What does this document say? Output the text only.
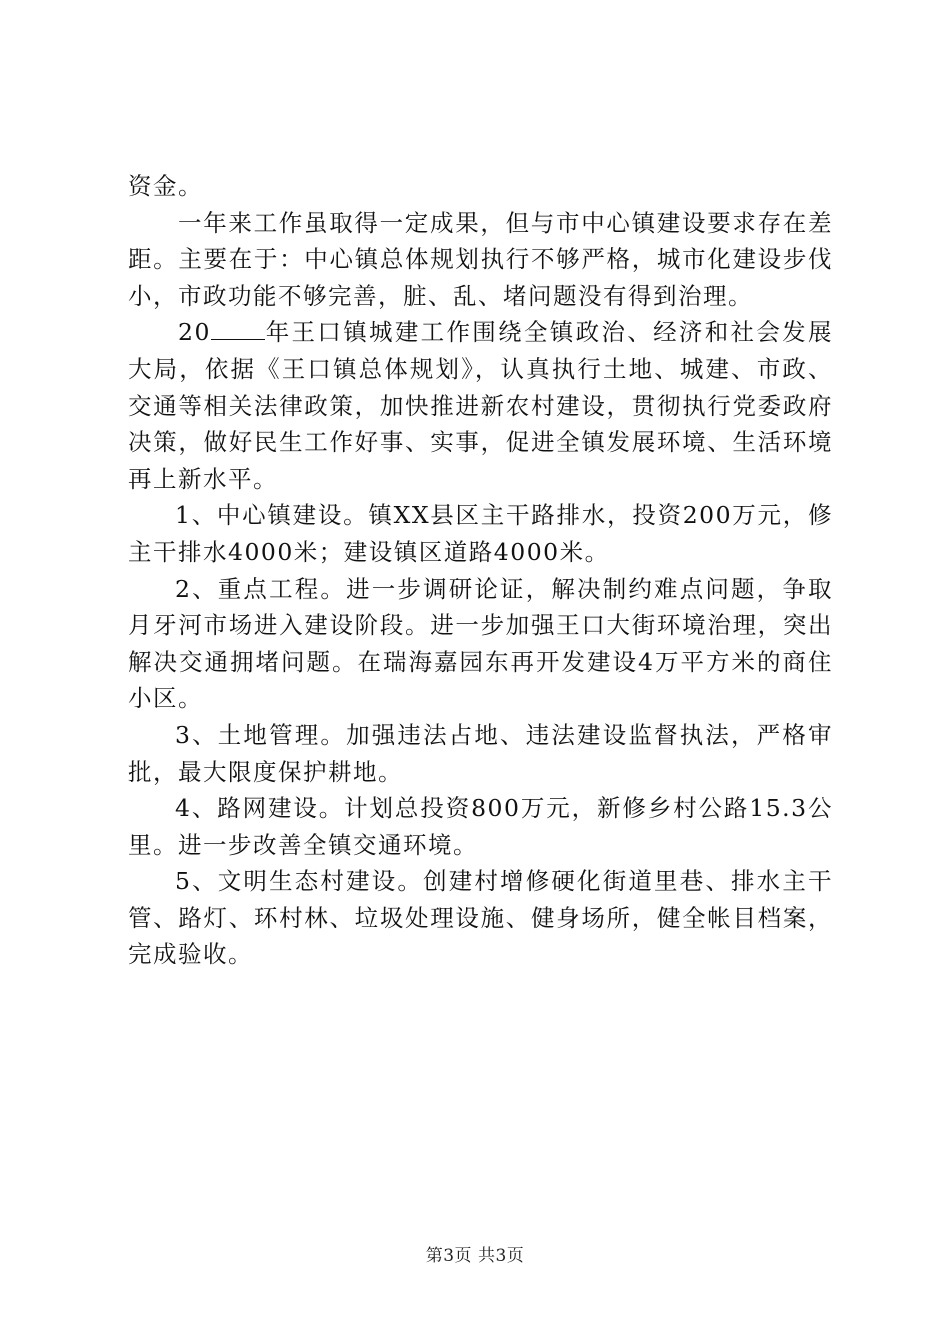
资金。

一年来工作虽取得一定成果，但与市中心镇建设要求存在差距。主要在于：中心镇总体规划执行不够严格，城市化建设步伐小，市政功能不够完善，脏、乱、堵问题没有得到治理。

20 年王口镇城建工作围绕全镇政治、经济和社会发展大局，依据《王口镇总体规划》，认真执行土地、城建、市政、交通等相关法律政策，加快推进新农村建设，贯彻执行党委政府决策，做好民生工作好事、实事，促进全镇发展环境、生活环境再上新水平。

1、中心镇建设。镇XX县区主干路排水，投资200万元，修主干排水4000米；建设镇区道路4000米。

2、重点工程。进一步调研论证，解决制约难点问题，争取月牙河市场进入建设阶段。进一步加强王口大街环境治理，突出解决交通拥堵问题。在瑞海嘉园东再开发建设4万平方米的商住小区。

3、土地管理。加强违法占地、违法建设监督执法，严格审批，最大限度保护耕地。

4、路网建设。计划总投资800万元，新修乡村公路15.3公里。进一步改善全镇交通环境。

5、文明生态村建设。创建村增修硬化街道里巷、排水主干管、路灯、环村林、垃圾处理设施、健身场所，健全帐目档案，完成验收。

第3页 共3页
